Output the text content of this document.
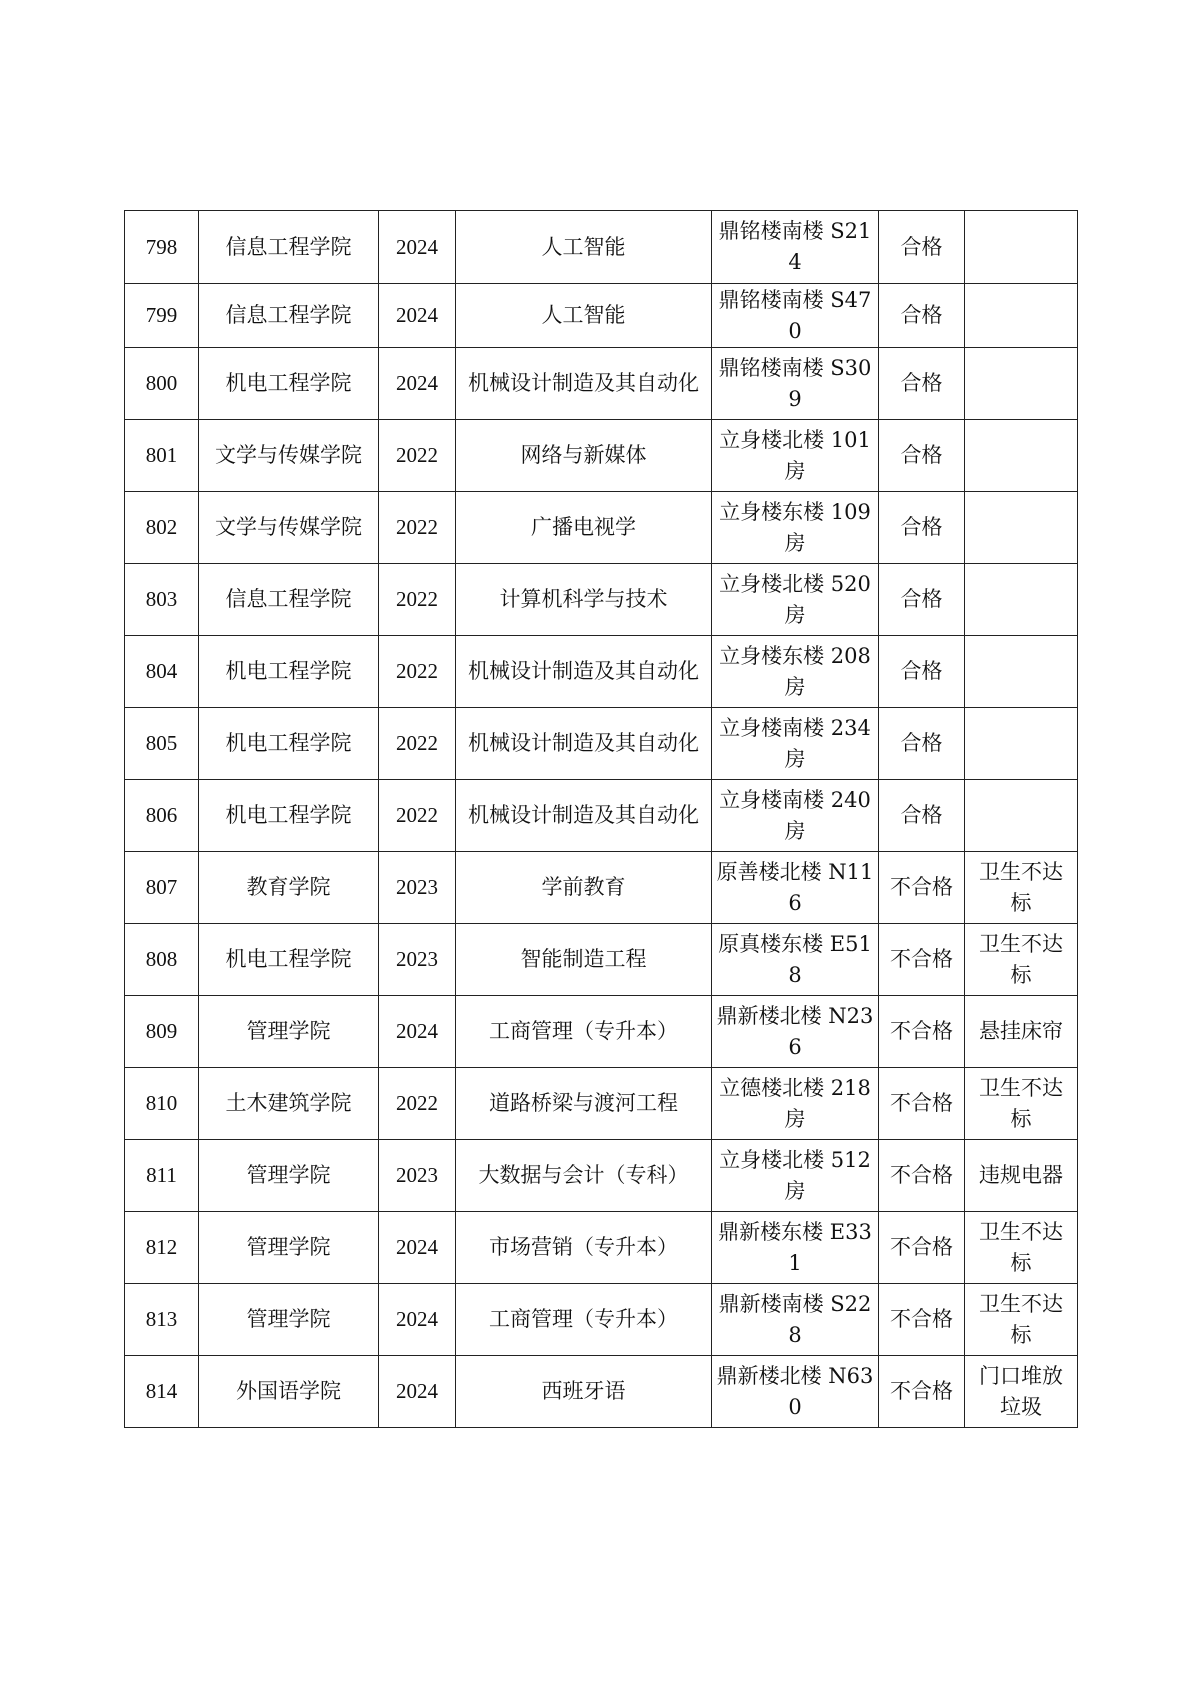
798	信息工程学院	2024	人工智能	鼎铭楼南楼 S214	合格	
799	信息工程学院	2024	人工智能	鼎铭楼南楼 S470	合格	
800	机电工程学院	2024	机械设计制造及其自动化	鼎铭楼南楼 S309	合格	
801	文学与传媒学院	2022	网络与新媒体	立身楼北楼 101 房	合格	
802	文学与传媒学院	2022	广播电视学	立身楼东楼 109 房	合格	
803	信息工程学院	2022	计算机科学与技术	立身楼北楼 520 房	合格	
804	机电工程学院	2022	机械设计制造及其自动化	立身楼东楼 208 房	合格	
805	机电工程学院	2022	机械设计制造及其自动化	立身楼南楼 234 房	合格	
806	机电工程学院	2022	机械设计制造及其自动化	立身楼南楼 240 房	合格	
807	教育学院	2023	学前教育	原善楼北楼 N116	不合格	卫生不达标
808	机电工程学院	2023	智能制造工程	原真楼东楼 E518	不合格	卫生不达标
809	管理学院	2024	工商管理（专升本）	鼎新楼北楼 N236	不合格	悬挂床帘
810	土木建筑学院	2022	道路桥梁与渡河工程	立德楼北楼 218 房	不合格	卫生不达标
811	管理学院	2023	大数据与会计（专科）	立身楼北楼 512 房	不合格	违规电器
812	管理学院	2024	市场营销（专升本）	鼎新楼东楼 E331	不合格	卫生不达标
813	管理学院	2024	工商管理（专升本）	鼎新楼南楼 S228	不合格	卫生不达标
814	外国语学院	2024	西班牙语	鼎新楼北楼 N630	不合格	门口堆放垃圾
